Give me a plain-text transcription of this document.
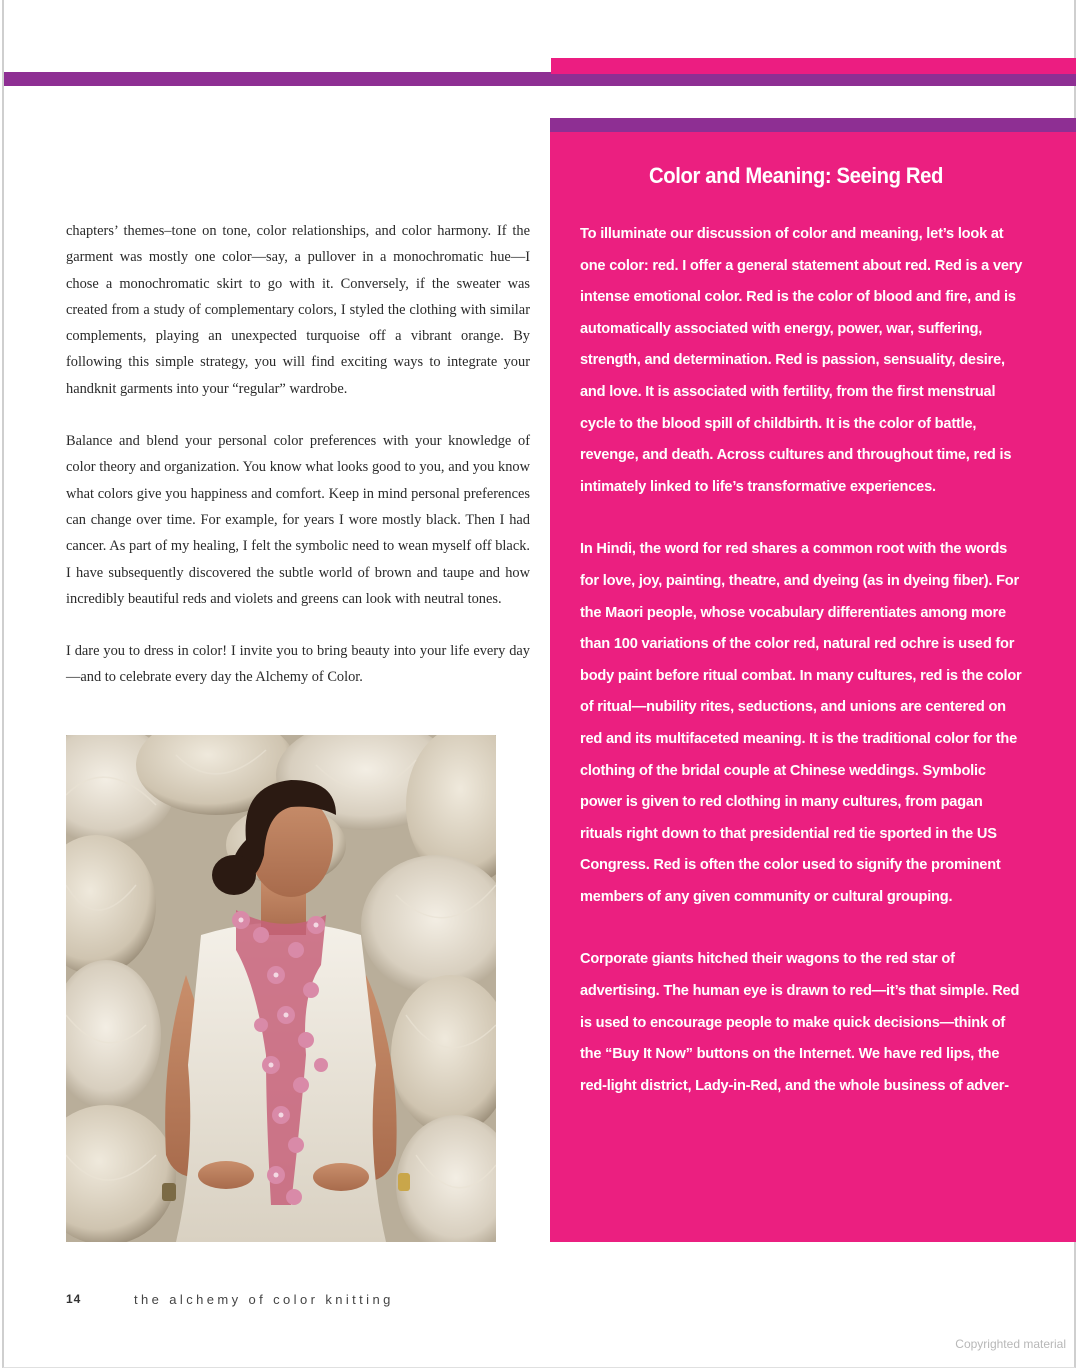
chapters’ themes–tone on tone, color relationships, and color harmony. If the garment was mostly one color—say, a pullover in a monochromatic hue—I chose a monochromatic skirt to go with it. Conversely, if the sweater was created from a study of complementary colors, I styled the clothing with similar complements, playing an unexpected turquoise off a vibrant orange. By following this simple strategy, you will find exciting ways to integrate your handknit garments into your “regular” wardrobe.

Balance and blend your personal color preferences with your knowledge of color theory and organization. You know what looks good to you, and you know what colors give you happiness and comfort. Keep in mind personal preferences can change over time. For example, for years I wore mostly black. Then I had cancer. As part of my healing, I felt the symbolic need to wean myself off black. I have subsequently discovered the subtle world of brown and taupe and how incredibly beautiful reds and violets and greens can look with neutral tones.

I dare you to dress in color! I invite you to bring beauty into your life every day—and to celebrate every day the Alchemy of Color.

Color and Meaning: Seeing Red

To illuminate our discussion of color and meaning, let’s look at one color: red. I offer a general statement about red. Red is a very intense emotional color. Red is the color of blood and fire, and is automatically associated with energy, power, war, suffering, strength, and determination. Red is passion, sensuality, desire, and love. It is associated with fertility, from the first menstrual cycle to the blood spill of childbirth. It is the color of battle, revenge, and death. Across cultures and throughout time, red is intimately linked to life’s transformative experiences.

In Hindi, the word for red shares a common root with the words for love, joy, painting, theatre, and dyeing (as in dyeing fiber). For the Maori people, whose vocabulary differentiates among more than 100 variations of the color red, natural red ochre is used for body paint before ritual combat. In many cultures, red is the color of ritual—nubility rites, seductions, and unions are centered on red and its multifaceted meaning. It is the traditional color for the clothing of the bridal couple at Chinese weddings. Symbolic power is given to red clothing in many cultures, from pagan rituals right down to that presidential red tie sported in the US Congress. Red is often the color used to signify the prominent members of any given community or cultural grouping.

Corporate giants hitched their wagons to the red star of advertising. The human eye is drawn to red—it’s that simple. Red is used to encourage people to make quick decisions—think of the “Buy It Now” buttons on the Internet. We have red lips, the red-light district, Lady-in-Red, and the whole business of adver-

14	the alchemy of color knitting
Copyrighted material
